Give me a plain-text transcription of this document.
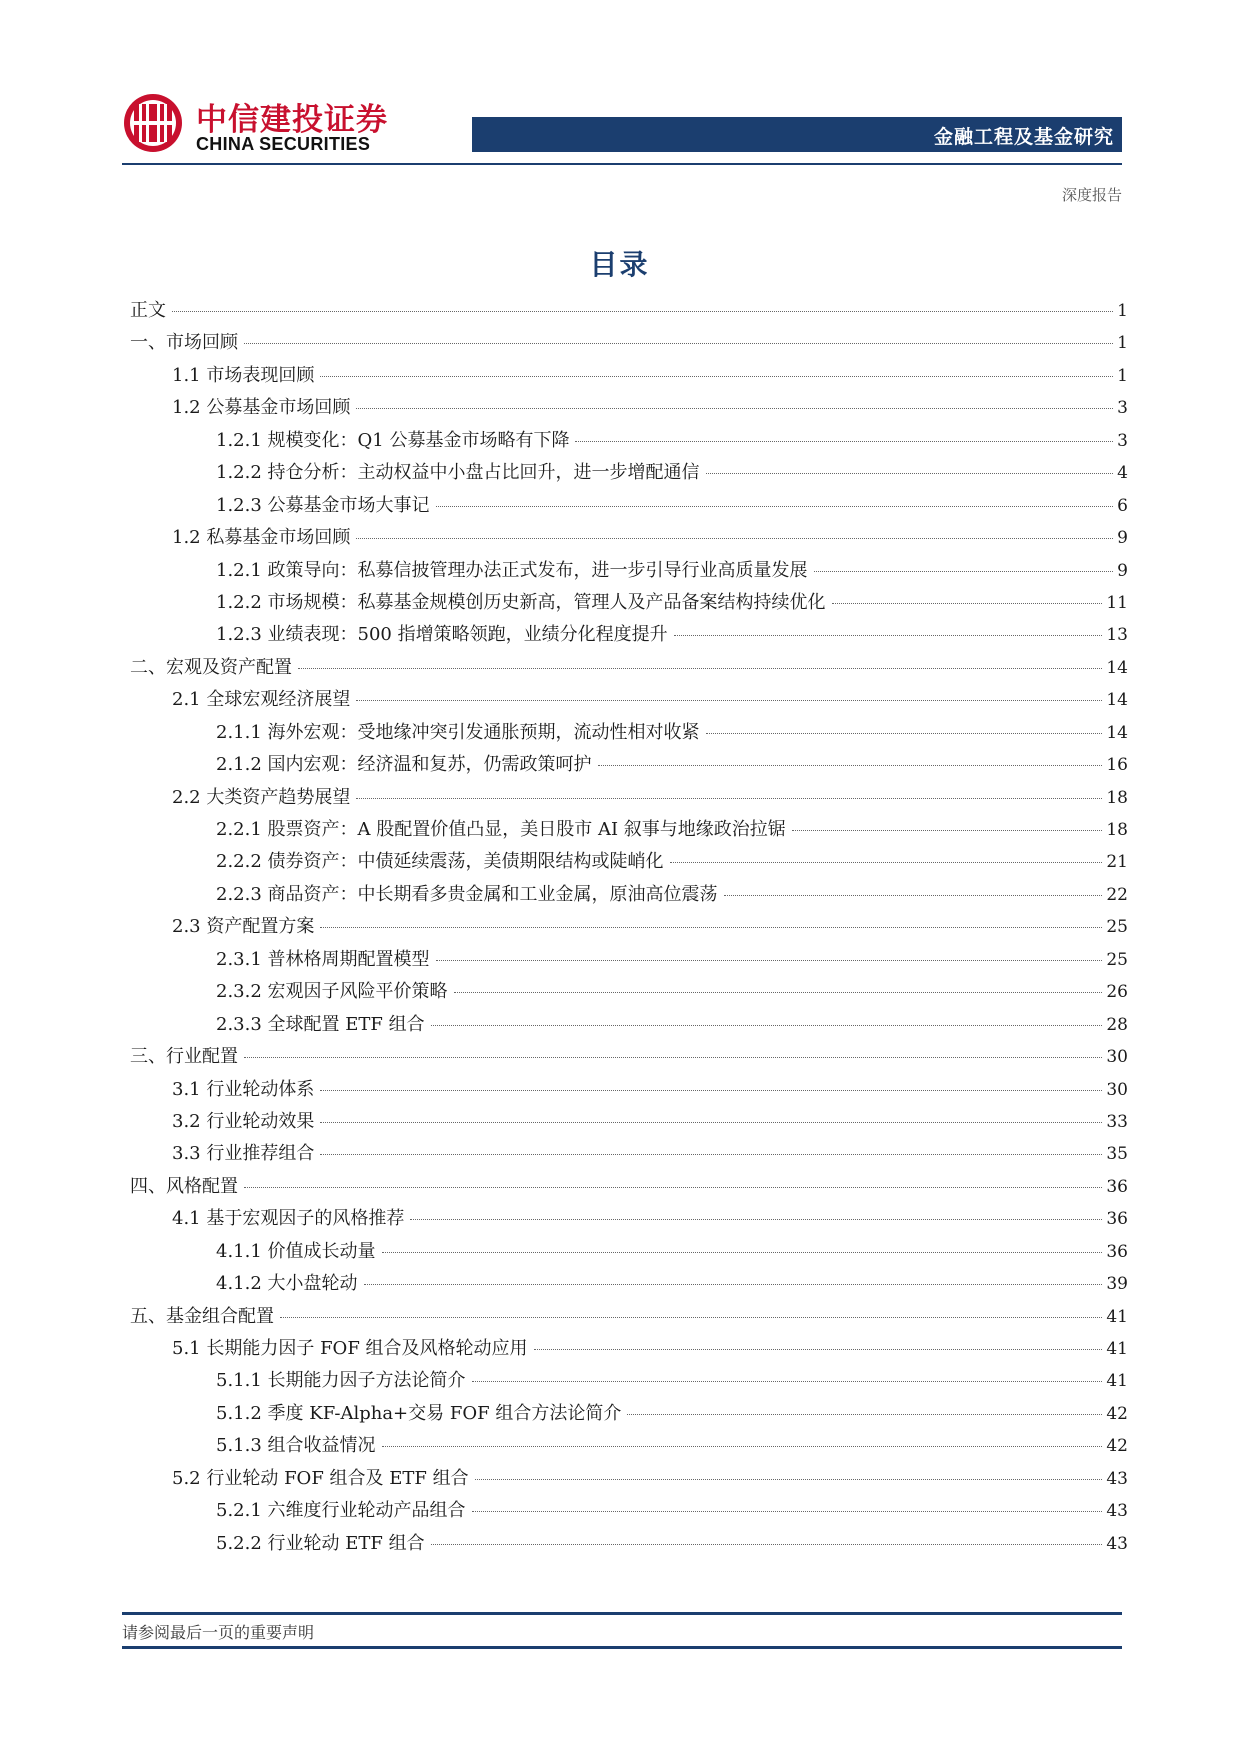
中信建投证券
CHINA SECURITIES	金融工程及基金研究
深度报告
目录
正文	1
一、市场回顾	1
1.1 市场表现回顾	1
1.2 公募基金市场回顾	3
1.2.1 规模变化：Q1 公募基金市场略有下降	3
1.2.2 持仓分析：主动权益中小盘占比回升，进一步增配通信	4
1.2.3 公募基金市场大事记	6
1.2 私募基金市场回顾	9
1.2.1 政策导向：私募信披管理办法正式发布，进一步引导行业高质量发展	9
1.2.2 市场规模：私募基金规模创历史新高，管理人及产品备案结构持续优化	11
1.2.3 业绩表现：500 指增策略领跑，业绩分化程度提升	13
二、宏观及资产配置	14
2.1 全球宏观经济展望	14
2.1.1 海外宏观：受地缘冲突引发通胀预期，流动性相对收紧	14
2.1.2 国内宏观：经济温和复苏，仍需政策呵护	16
2.2 大类资产趋势展望	18
2.2.1 股票资产：A 股配置价值凸显，美日股市 AI 叙事与地缘政治拉锯	18
2.2.2 债券资产：中债延续震荡，美债期限结构或陡峭化	21
2.2.3 商品资产：中长期看多贵金属和工业金属，原油高位震荡	22
2.3 资产配置方案	25
2.3.1 普林格周期配置模型	25
2.3.2 宏观因子风险平价策略	26
2.3.3 全球配置 ETF 组合	28
三、行业配置	30
3.1 行业轮动体系	30
3.2 行业轮动效果	33
3.3 行业推荐组合	35
四、风格配置	36
4.1 基于宏观因子的风格推荐	36
4.1.1 价值成长动量	36
4.1.2 大小盘轮动	39
五、基金组合配置	41
5.1 长期能力因子 FOF 组合及风格轮动应用	41
5.1.1 长期能力因子方法论简介	41
5.1.2 季度 KF-Alpha+交易 FOF 组合方法论简介	42
5.1.3 组合收益情况	42
5.2 行业轮动 FOF 组合及 ETF 组合	43
5.2.1 六维度行业轮动产品组合	43
5.2.2 行业轮动 ETF 组合	43
请参阅最后一页的重要声明
